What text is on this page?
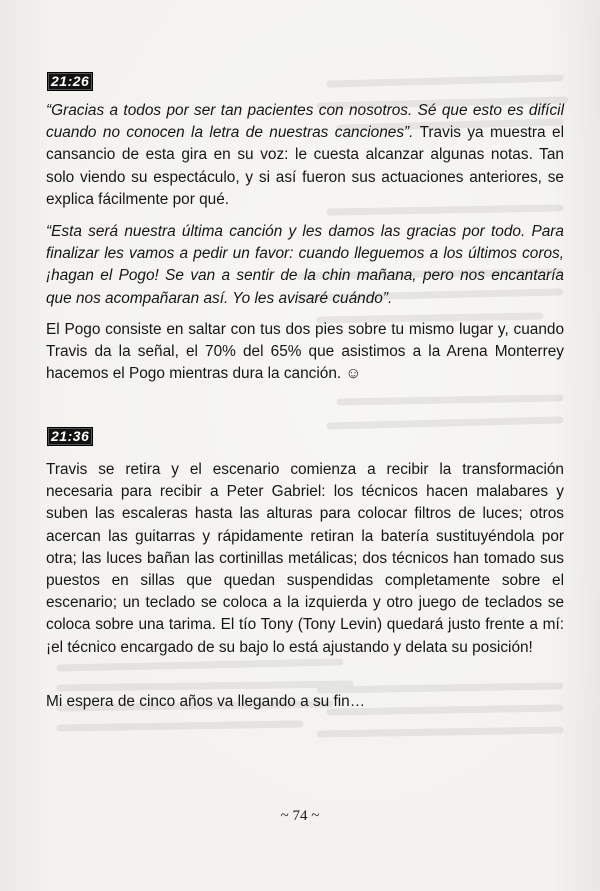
21:26

“Gracias a todos por ser tan pacientes con nosotros. Sé que esto es difícil cuando no conocen la letra de nuestras canciones”. Travis ya muestra el cansancio de esta gira en su voz: le cuesta alcanzar algunas notas. Tan solo viendo su espectáculo, y si así fueron sus actuaciones anteriores, se explica fácilmente por qué.

“Esta será nuestra última canción y les damos las gracias por todo. Para finalizar les vamos a pedir un favor: cuando lleguemos a los últimos coros, ¡hagan el Pogo! Se van a sentir de la chin mañana, pero nos encantaría que nos acompañaran así. Yo les avisaré cuándo”.

El Pogo consiste en saltar con tus dos pies sobre tu mismo lugar y, cuando Travis da la señal, el 70% del 65% que asistimos a la Arena Monterrey hacemos el Pogo mientras dura la canción. ☺

21:36

Travis se retira y el escenario comienza a recibir la transformación necesaria para recibir a Peter Gabriel: los técnicos hacen malabares y suben las escaleras hasta las alturas para colocar filtros de luces; otros acercan las guitarras y rápidamente retiran la batería sustituyéndola por otra; las luces bañan las cortinillas metálicas; dos técnicos han tomado sus puestos en sillas que quedan suspendidas completamente sobre el escenario; un teclado se coloca a la izquierda y otro juego de teclados se coloca sobre una tarima. El tío Tony (Tony Levin) quedará justo frente a mí: ¡el técnico encargado de su bajo lo está ajustando y delata su posición!

Mi espera de cinco años va llegando a su fin…

~ 74 ~
